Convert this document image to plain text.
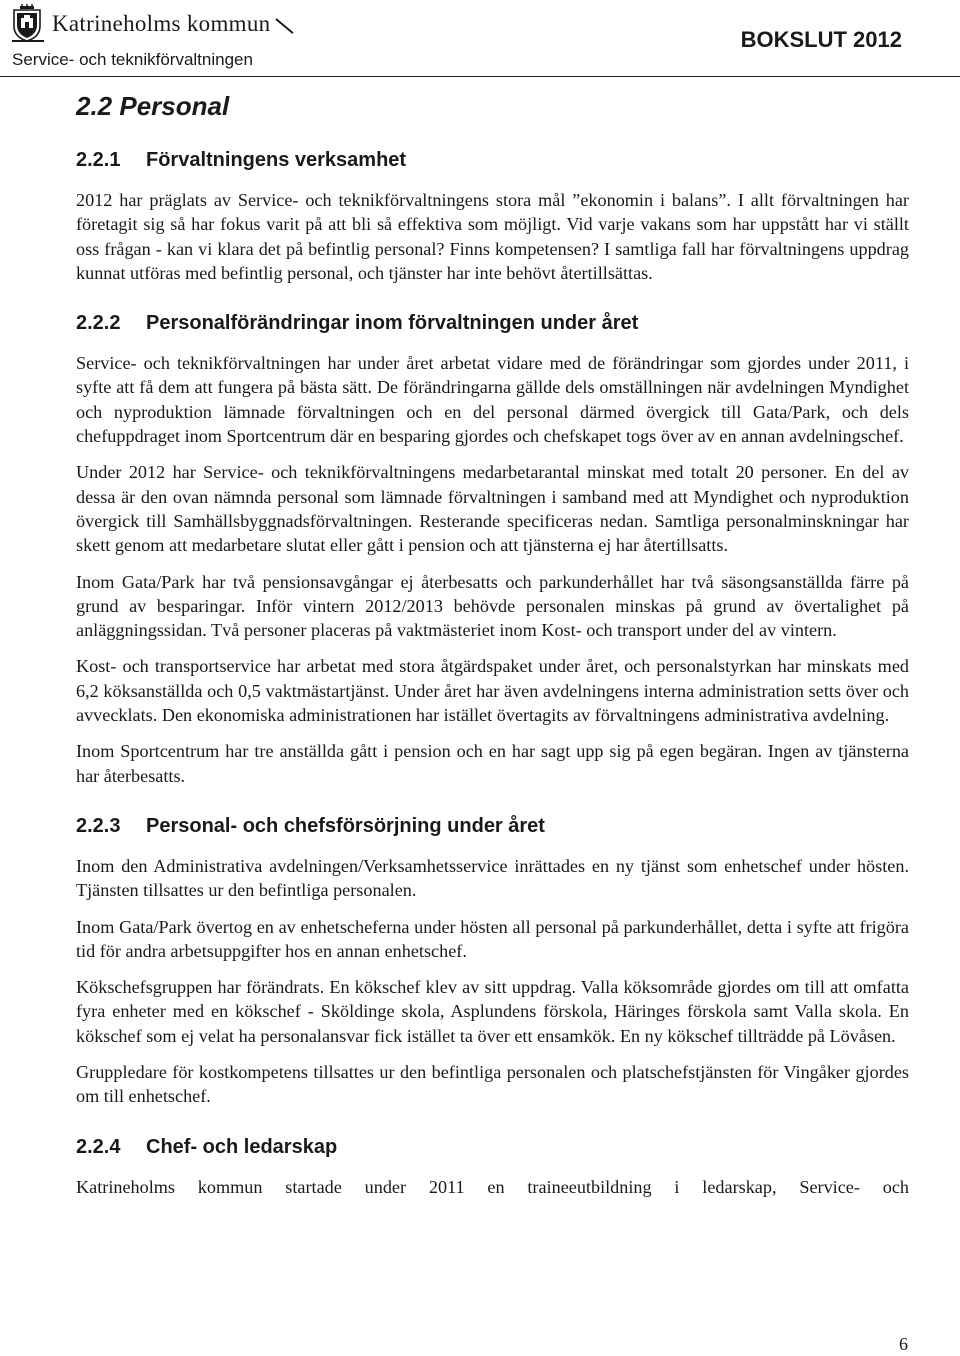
Katrineholms kommun
Service- och teknikförvaltningen
BOKSLUT 2012
2.2 Personal
2.2.1	Förvaltningens verksamhet

2012 har präglats av Service- och teknikförvaltningens stora mål ”ekonomin i balans”. I allt förvaltningen har företagit sig så har fokus varit på att bli så effektiva som möjligt. Vid varje vakans som har uppstått har vi ställt oss frågan - kan vi klara det på befintlig personal? Finns kompetensen? I samtliga fall har förvaltningens uppdrag kunnat utföras med befintlig personal, och tjänster har inte behövt återtillsättas.

2.2.2	Personalförändringar inom förvaltningen under året

Service- och teknikförvaltningen har under året arbetat vidare med de förändringar som gjordes under 2011, i syfte att få dem att fungera på bästa sätt. De förändringarna gällde dels omställningen när avdelningen Myndighet och nyproduktion lämnade förvaltningen och en del personal därmed övergick till Gata/Park, och dels chefuppdraget inom Sportcentrum där en besparing gjordes och chefskapet togs över av en annan avdelningschef.

Under 2012 har Service- och teknikförvaltningens medarbetarantal minskat med totalt 20 personer. En del av dessa är den ovan nämnda personal som lämnade förvaltningen i samband med att Myndighet och nyproduktion övergick till Samhällsbyggnadsförvaltningen. Resterande specificeras nedan. Samtliga personalminskningar har skett genom att medarbetare slutat eller gått i pension och att tjänsterna ej har återtillsatts.

Inom Gata/Park har två pensionsavgångar ej återbesatts och parkunderhållet har två säsongsanställda färre på grund av besparingar. Inför vintern 2012/2013 behövde personalen minskas på grund av övertalighet på anläggningssidan. Två personer placeras på vaktmästeriet inom Kost- och transport under del av vintern.

Kost- och transportservice har arbetat med stora åtgärdspaket under året, och personalstyrkan har minskats med 6,2 köksanställda och 0,5 vaktmästartjänst. Under året har även avdelningens interna administration setts över och avvecklats. Den ekonomiska administrationen har istället övertagits av förvaltningens administrativa avdelning.

Inom Sportcentrum har tre anställda gått i pension och en har sagt upp sig på egen begäran. Ingen av tjänsterna har återbesatts.

2.2.3	Personal- och chefsförsörjning under året

Inom den Administrativa avdelningen/Verksamhetsservice inrättades en ny tjänst som enhetschef under hösten. Tjänsten tillsattes ur den befintliga personalen.

Inom Gata/Park övertog en av enhetscheferna under hösten all personal på parkunderhållet, detta i syfte att frigöra tid för andra arbetsuppgifter hos en annan enhetschef.

Kökschefsgruppen har förändrats. En kökschef klev av sitt uppdrag. Valla köksområde gjordes om till att omfatta fyra enheter med en kökschef - Sköldinge skola, Asplundens förskola, Häringes förskola samt Valla skola. En kökschef som ej velat ha personalansvar fick istället ta över ett ensamkök. En ny kökschef tillträdde på Lövåsen.

Gruppledare för kostkompetens tillsattes ur den befintliga personalen och platschefstjänsten för Vingåker gjordes om till enhetschef.

2.2.4	Chef- och ledarskap

Katrineholms kommun startade under 2011 en traineeutbildning i ledarskap, Service- och

6
